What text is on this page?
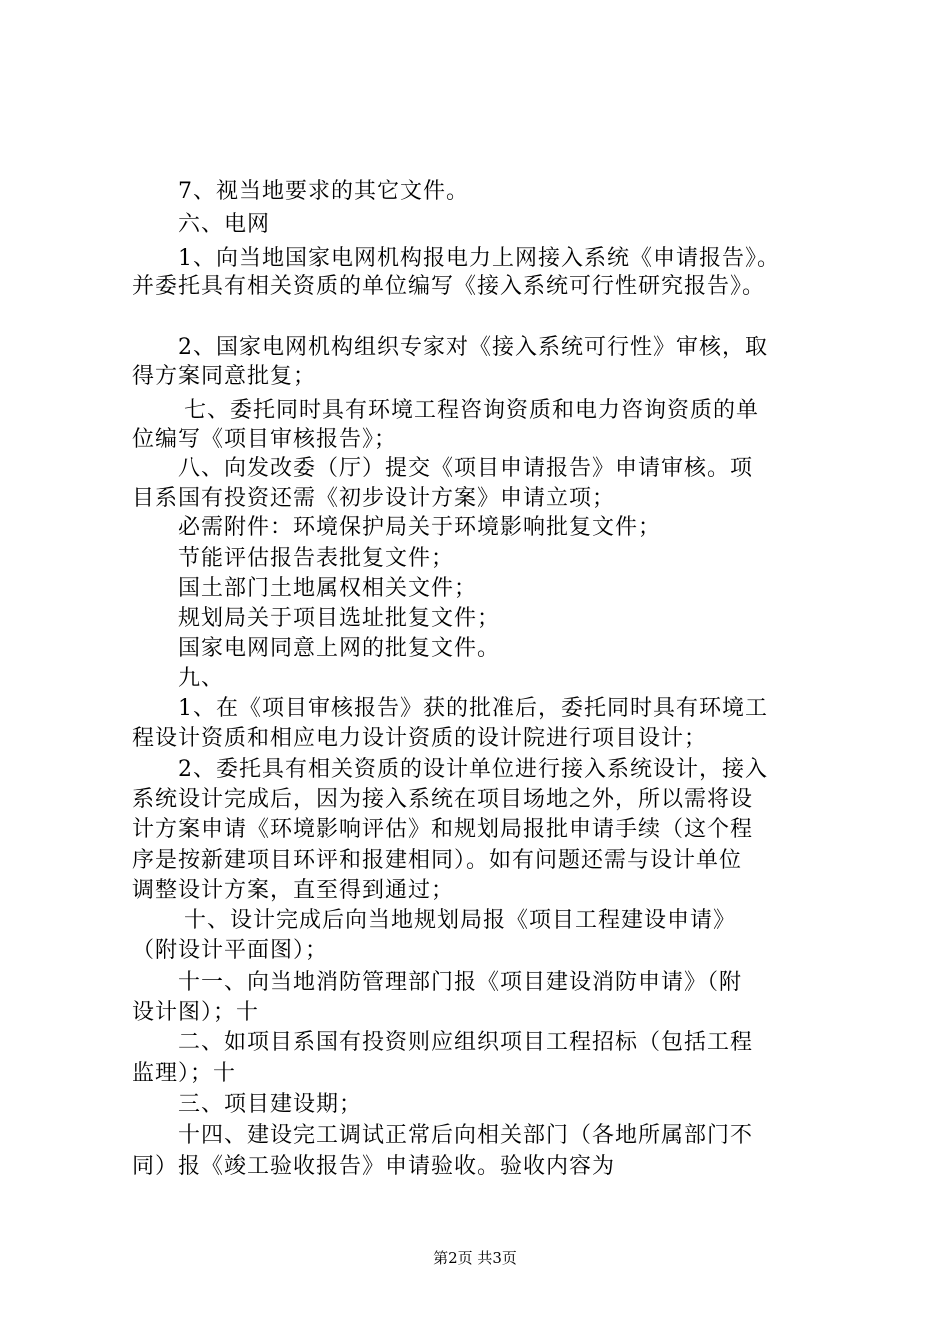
7、视当地要求的其它文件。
六、电网
1、向当地国家电网机构报电力上网接入系统《申请报告》。
并委托具有相关资质的单位编写《接入系统可行性研究报告》。
2、国家电网机构组织专家对《接入系统可行性》审核，取
得方案同意批复；
七、委托同时具有环境工程咨询资质和电力咨询资质的单
位编写《项目审核报告》；
八、向发改委（厅）提交《项目申请报告》申请审核。项
目系国有投资还需《初步设计方案》申请立项；
必需附件：环境保护局关于环境影响批复文件；
节能评估报告表批复文件；
国土部门土地属权相关文件；
规划局关于项目选址批复文件；
国家电网同意上网的批复文件。
九、
1、在《项目审核报告》获的批准后，委托同时具有环境工
程设计资质和相应电力设计资质的设计院进行项目设计；
2、委托具有相关资质的设计单位进行接入系统设计，接入
系统设计完成后，因为接入系统在项目场地之外，所以需将设
计方案申请《环境影响评估》和规划局报批申请手续（这个程
序是按新建项目环评和报建相同）。如有问题还需与设计单位
调整设计方案，直至得到通过；
十、设计完成后向当地规划局报《项目工程建设申请》
（附设计平面图）；
十一、向当地消防管理部门报《项目建设消防申请》（附
设计图）；十
二、如项目系国有投资则应组织项目工程招标（包括工程
监理）；十
三、项目建设期；
十四、建设完工调试正常后向相关部门（各地所属部门不
同）报《竣工验收报告》申请验收。验收内容为
第2页 共3页
